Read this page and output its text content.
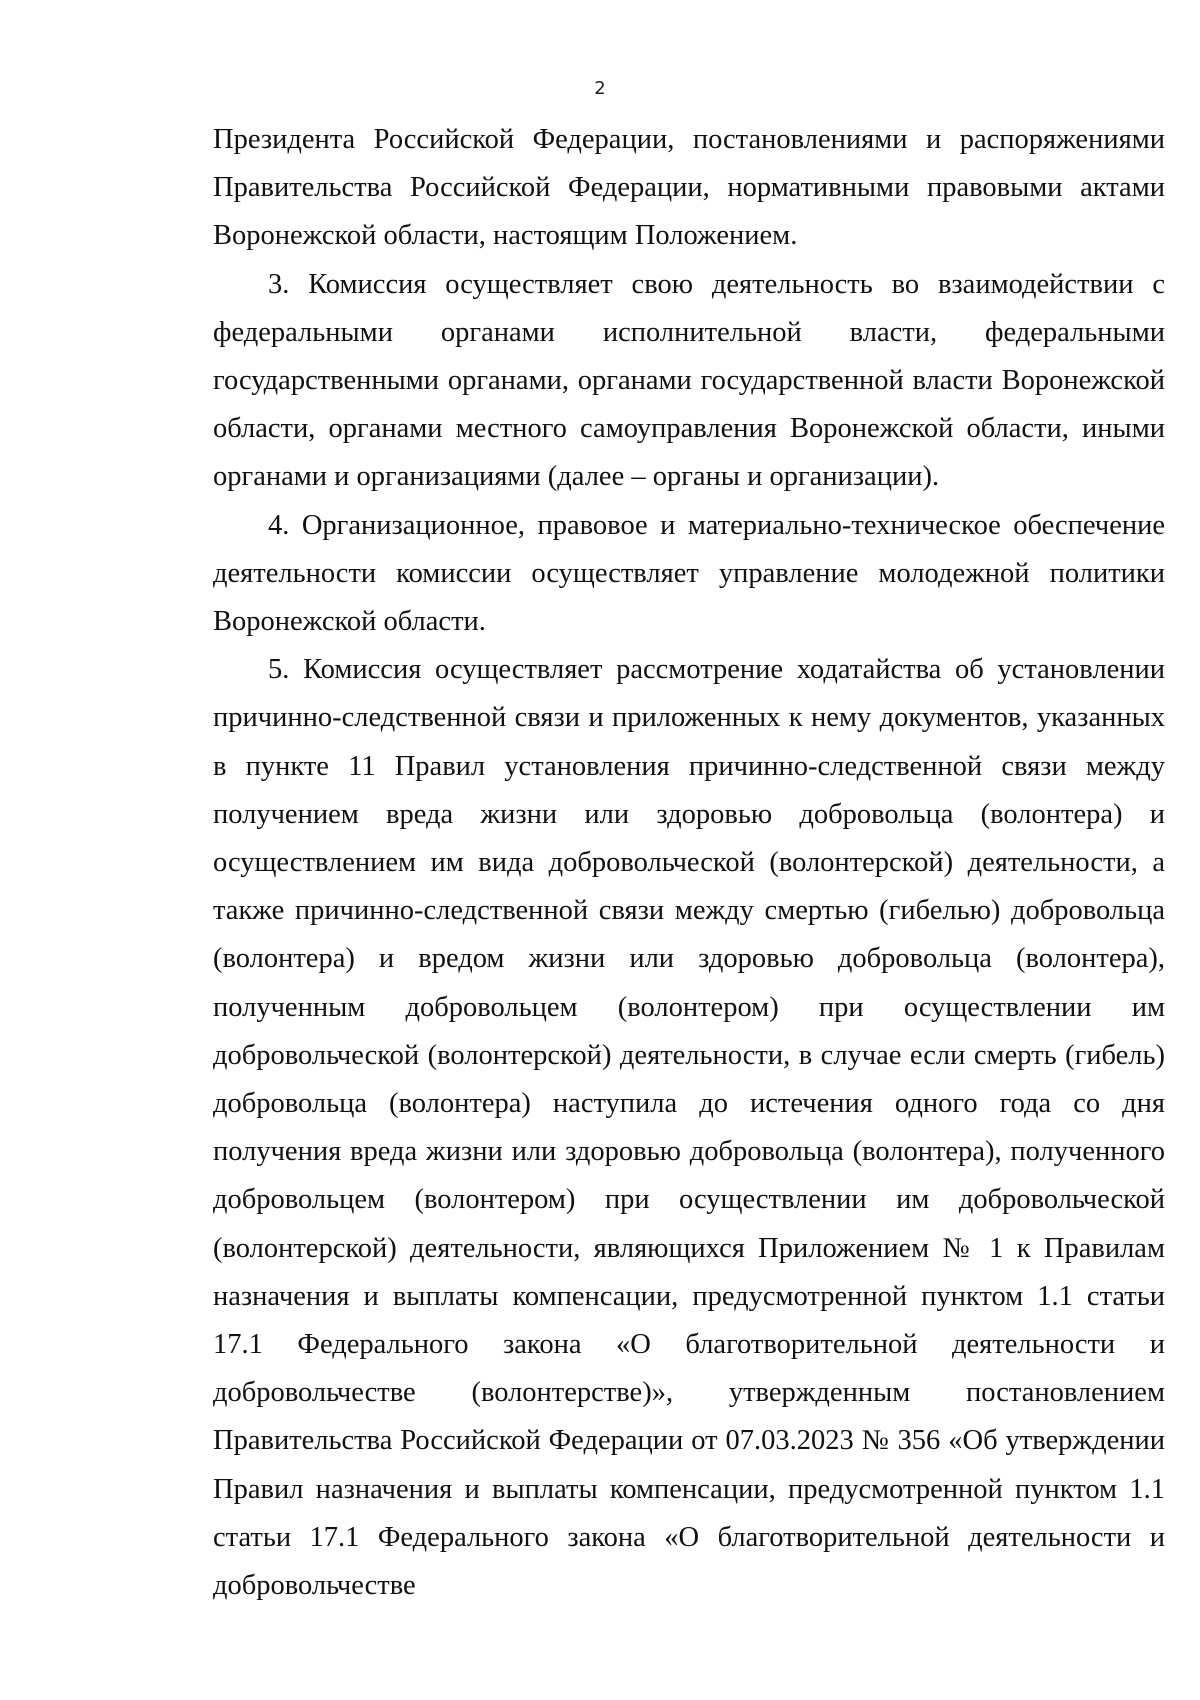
2

Президента Российской Федерации, постановлениями и распоряжениями Правительства Российской Федерации, нормативными правовыми актами Воронежской области, настоящим Положением.

3. Комиссия осуществляет свою деятельность во взаимодействии с федеральными органами исполнительной власти, федеральными государственными органами, органами государственной власти Воронежской области, органами местного самоуправления Воронежской области, иными органами и организациями (далее – органы и организации).

4. Организационное, правовое и материально-техническое обеспечение деятельности комиссии осуществляет управление молодежной политики Воронежской области.

5. Комиссия осуществляет рассмотрение ходатайства об установлении причинно-следственной связи и приложенных к нему документов, указанных в пункте 11 Правил установления причинно-следственной связи между получением вреда жизни или здоровью добровольца (волонтера) и осуществлением им вида добровольческой (волонтерской) деятельности, а также причинно-следственной связи между смертью (гибелью) добровольца (волонтера) и вредом жизни или здоровью добровольца (волонтера), полученным добровольцем (волонтером) при осуществлении им добровольческой (волонтерской) деятельности, в случае если смерть (гибель) добровольца (волонтера) наступила до истечения одного года со дня получения вреда жизни или здоровью добровольца (волонтера), полученного добровольцем (волонтером) при осуществлении им добровольческой (волонтерской) деятельности, являющихся Приложением № 1 к Правилам назначения и выплаты компенсации, предусмотренной пунктом 1.1 статьи 17.1 Федерального закона «О благотворительной деятельности и добровольчестве (волонтерстве)», утвержденным постановлением Правительства Российской Федерации от 07.03.2023 № 356 «Об утверждении Правил назначения и выплаты компенсации, предусмотренной пунктом 1.1 статьи 17.1 Федерального закона «О благотворительной деятельности и добровольчестве
